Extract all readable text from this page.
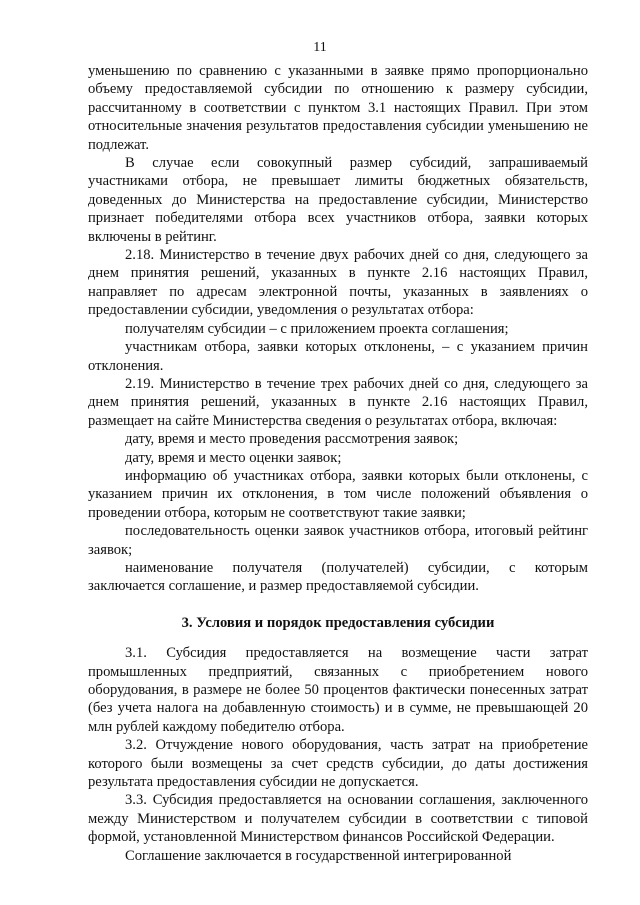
11

уменьшению по сравнению с указанными в заявке прямо пропорционально объему предоставляемой субсидии по отношению к размеру субсидии, рассчитанному в соответствии с пунктом 3.1 настоящих Правил. При этом относительные значения результатов предоставления субсидии уменьшению не подлежат.

В случае если совокупный размер субсидий, запрашиваемый участниками отбора, не превышает лимиты бюджетных обязательств, доведенных до Министерства на предоставление субсидии, Министерство признает победителями отбора всех участников отбора, заявки которых включены в рейтинг.

2.18. Министерство в течение двух рабочих дней со дня, следующего за днем принятия решений, указанных в пункте 2.16 настоящих Правил, направляет по адресам электронной почты, указанных в заявлениях о предоставлении субсидии, уведомления о результатах отбора:

получателям субсидии – с приложением проекта соглашения;

участникам отбора, заявки которых отклонены, – с указанием причин отклонения.

2.19. Министерство в течение трех рабочих дней со дня, следующего за днем принятия решений, указанных в пункте 2.16 настоящих Правил, размещает на сайте Министерства сведения о результатах отбора, включая:

дату, время и место проведения рассмотрения заявок;

дату, время и место оценки заявок;

информацию об участниках отбора, заявки которых были отклонены, с указанием причин их отклонения, в том числе положений объявления о проведении отбора, которым не соответствуют такие заявки;

последовательность оценки заявок участников отбора, итоговый рейтинг заявок;

наименование получателя (получателей) субсидии, с которым заключается соглашение, и размер предоставляемой субсидии.

3. Условия и порядок предоставления субсидии

3.1. Субсидия предоставляется на возмещение части затрат промышленных предприятий, связанных с приобретением нового оборудования, в размере не более 50 процентов фактически понесенных затрат (без учета налога на добавленную стоимость) и в сумме, не превышающей 20 млн рублей каждому победителю отбора.

3.2. Отчуждение нового оборудования, часть затрат на приобретение которого были возмещены за счет средств субсидии, до даты достижения результата предоставления субсидии не допускается.

3.3. Субсидия предоставляется на основании соглашения, заключенного между Министерством и получателем субсидии в соответствии с типовой формой, установленной Министерством финансов Российской Федерации.

Соглашение заключается в государственной интегрированной
